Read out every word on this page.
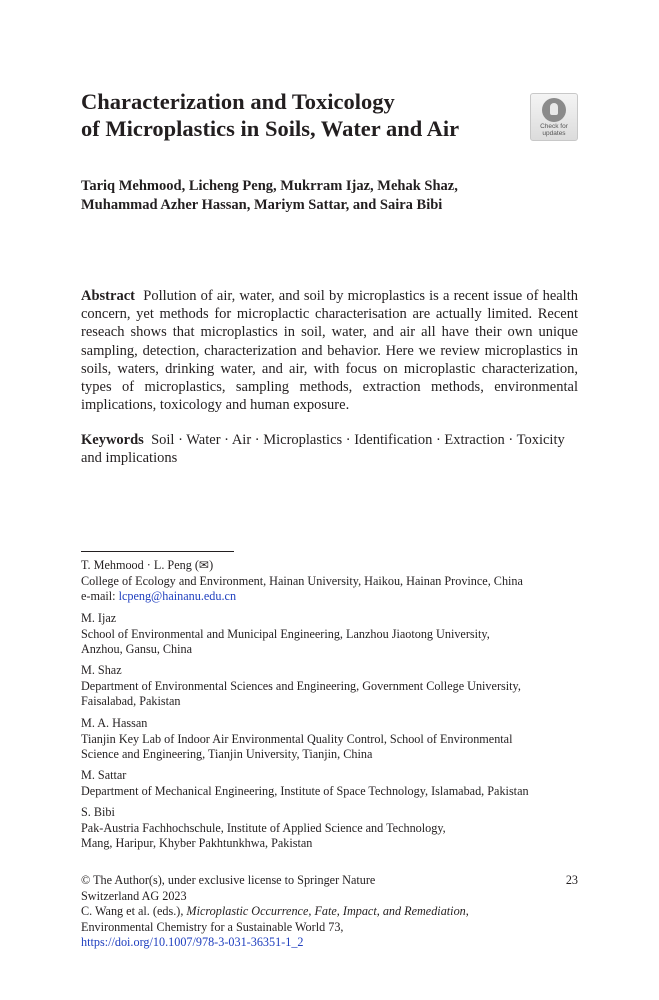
Characterization and Toxicology
of Microplastics in Soils, Water and Air	Check for
updates
Tariq Mehmood, Licheng Peng, Mukrram Ijaz, Mehak Shaz,
Muhammad Azher Hassan, Mariym Sattar, and Saira Bibi
Abstract Pollution of air, water, and soil by microplastics is a recent issue of health concern, yet methods for microplactic characterisation are actually limited. Recent reseach shows that microplastics in soil, water, and air all have their own unique sampling, detection, characterization and behavior. Here we review microplastics in soils, waters, drinking water, and air, with focus on microplastic characterization, types of microplastics, sampling methods, extraction methods, environmental implications, toxicology and human exposure.
Keywords Soil · Water · Air · Microplastics · Identification · Extraction · Toxicity and implications
T. Mehmood · L. Peng (✉)
College of Ecology and Environment, Hainan University, Haikou, Hainan Province, China
e-mail: lcpeng@hainanu.edu.cn
M. Ijaz
School of Environmental and Municipal Engineering, Lanzhou Jiaotong University,
Anzhou, Gansu, China
M. Shaz
Department of Environmental Sciences and Engineering, Government College University,
Faisalabad, Pakistan
M. A. Hassan
Tianjin Key Lab of Indoor Air Environmental Quality Control, School of Environmental
Science and Engineering, Tianjin University, Tianjin, China
M. Sattar
Department of Mechanical Engineering, Institute of Space Technology, Islamabad, Pakistan
S. Bibi
Pak-Austria Fachhochschule, Institute of Applied Science and Technology,
Mang, Haripur, Khyber Pakhtunkhwa, Pakistan
© The Author(s), under exclusive license to Springer Nature
Switzerland AG 2023
C. Wang et al. (eds.), Microplastic Occurrence, Fate, Impact, and Remediation,
Environmental Chemistry for a Sustainable World 73,
https://doi.org/10.1007/978-3-031-36351-1_2
23
